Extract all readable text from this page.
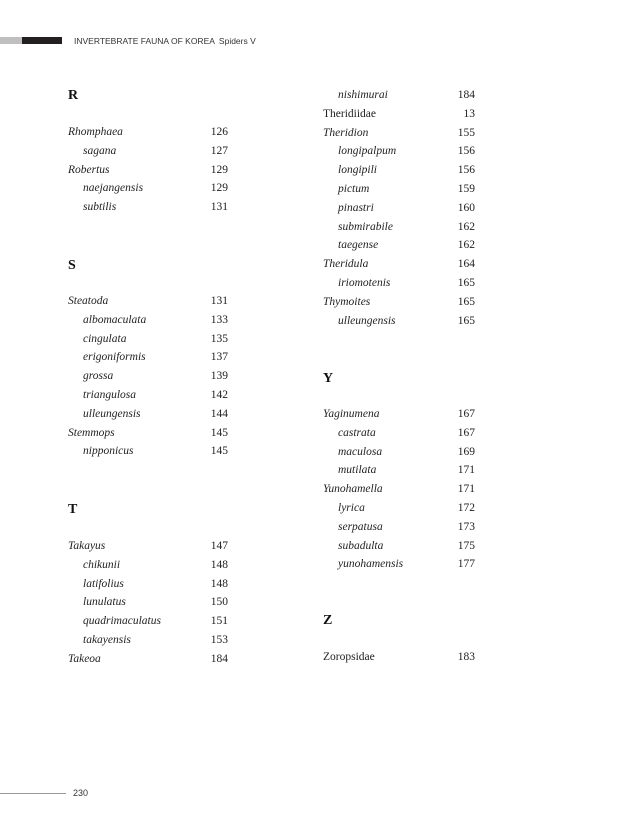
INVERTEBRATE FAUNA OF KOREA Spiders V
R
Rhomphaea	126
sagana	127
Robertus	129
naejangensis	129
subtilis	131
S
Steatoda	131
albomaculata	133
cingulata	135
erigoniformis	137
grossa	139
triangulosa	142
ulleungensis	144
Stemmops	145
nipponicus	145
T
Takayus	147
chikunii	148
latifolius	148
lunulatus	150
quadrimaculatus	151
takayensis	153
Takeoa	184
nishimurai	184
Theridiidae	13
Theridion	155
longipalpum	156
longipili	156
pictum	159
pinastri	160
submirabile	162
taegense	162
Theridula	164
iriomotenis	165
Thymoites	165
ulleungensis	165
Y
Yaginumena	167
castrata	167
maculosa	169
mutilata	171
Yunohamella	171
lyrica	172
serpatusa	173
subadulta	175
yunohamensis	177
Z
Zoropsidae	183
230
